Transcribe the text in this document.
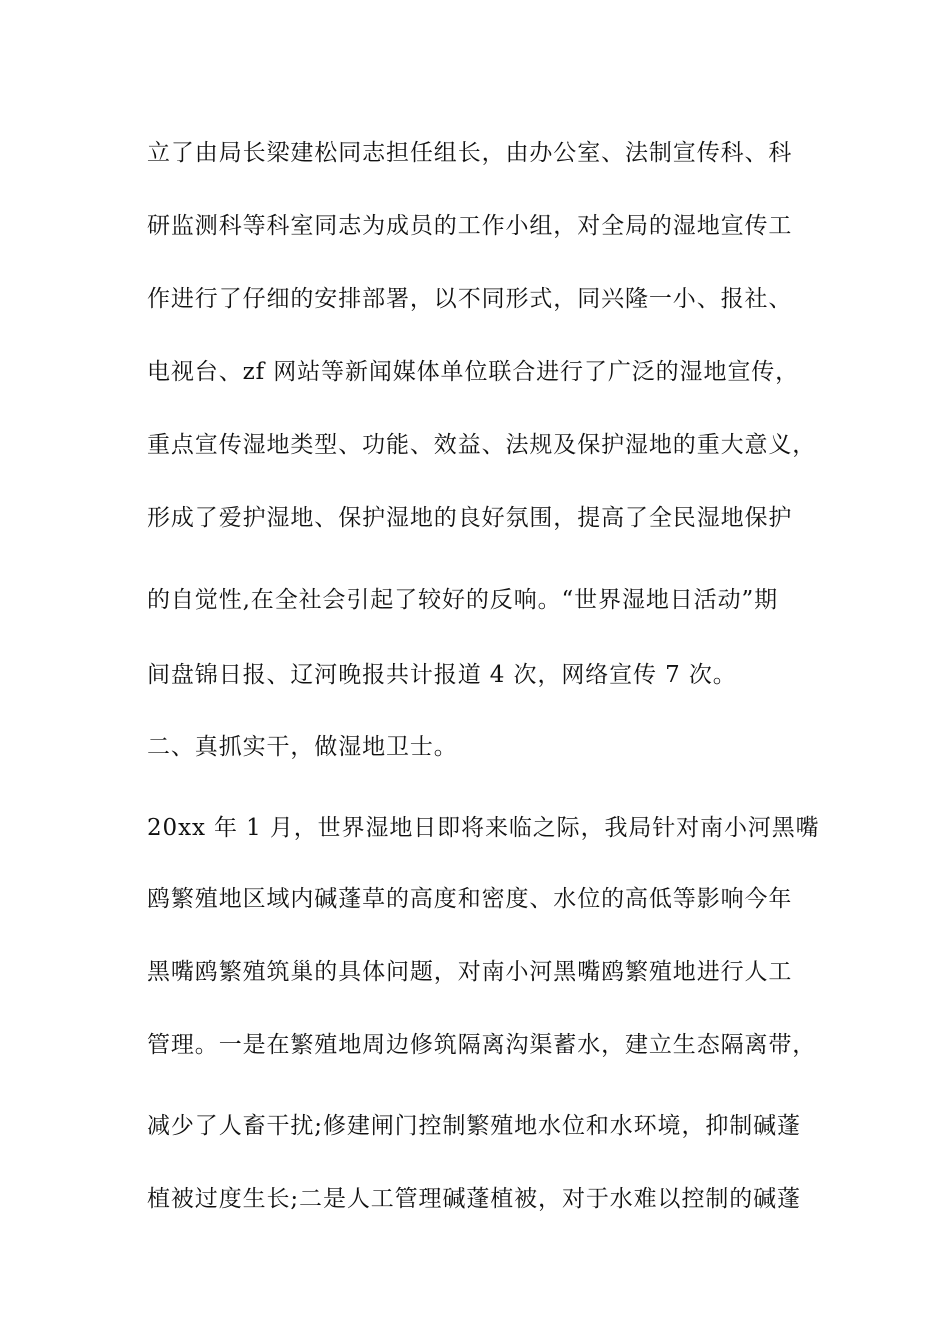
立了由局长梁建松同志担任组长，由办公室、法制宣传科、科
研监测科等科室同志为成员的工作小组，对全局的湿地宣传工
作进行了仔细的安排部署，以不同形式，同兴隆一小、报社、
电视台、zf 网站等新闻媒体单位联合进行了广泛的湿地宣传，
重点宣传湿地类型、功能、效益、法规及保护湿地的重大意义，
形成了爱护湿地、保护湿地的良好氛围，提高了全民湿地保护
的自觉性,在全社会引起了较好的反响。“世界湿地日活动”期
间盘锦日报、辽河晚报共计报道 4 次，网络宣传 7 次。
二、真抓实干，做湿地卫士。
20xx 年 1 月，世界湿地日即将来临之际，我局针对南小河黑嘴
鸥繁殖地区域内碱蓬草的高度和密度、水位的高低等影响今年
黑嘴鸥繁殖筑巢的具体问题，对南小河黑嘴鸥繁殖地进行人工
管理。一是在繁殖地周边修筑隔离沟渠蓄水，建立生态隔离带，
减少了人畜干扰;修建闸门控制繁殖地水位和水环境，抑制碱蓬
植被过度生长;二是人工管理碱蓬植被，对于水难以控制的碱蓬
